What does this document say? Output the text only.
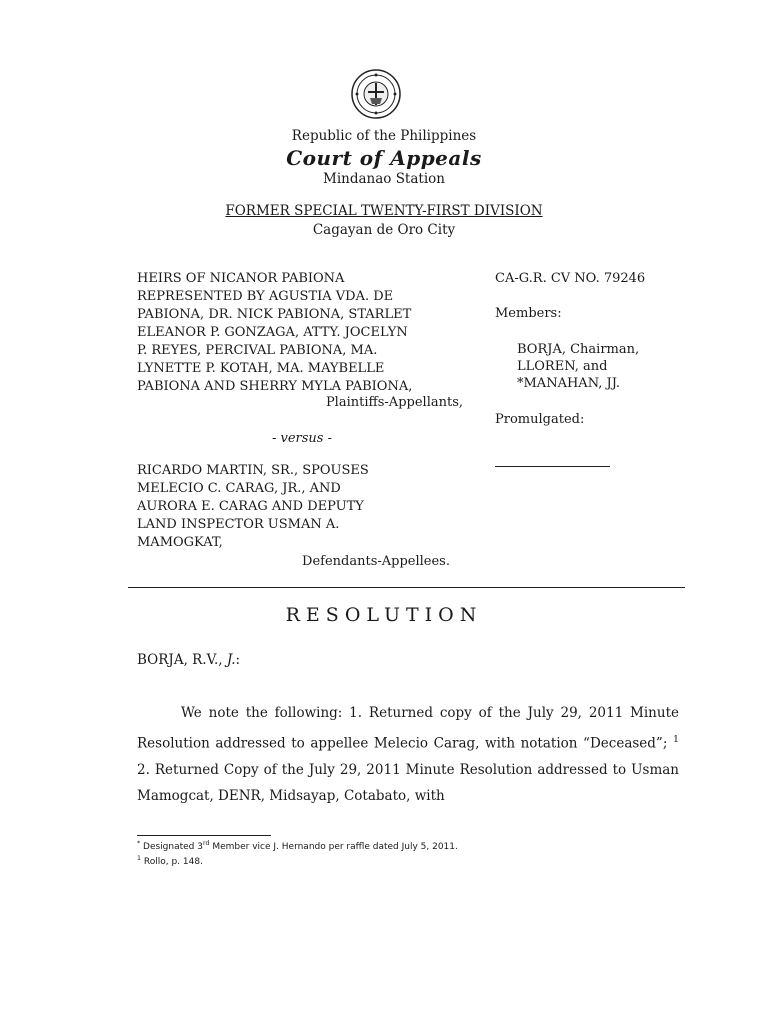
Republic of the Philippines
Court of Appeals
Mindanao Station
FORMER SPECIAL TWENTY-FIRST DIVISION
Cagayan de Oro City
HEIRS OF NICANOR PABIONA
REPRESENTED BY AGUSTIA VDA. DE
PABIONA, DR. NICK PABIONA, STARLET
ELEANOR P. GONZAGA, ATTY. JOCELYN
P. REYES, PERCIVAL PABIONA, MA.
LYNETTE P. KOTAH, MA. MAYBELLE
PABIONA AND SHERRY MYLA PABIONA,
Plaintiffs-Appellants,
- versus -
RICARDO MARTIN, SR., SPOUSES
MELECIO C. CARAG, JR., AND
AURORA E. CARAG AND DEPUTY
LAND INSPECTOR USMAN A.
MAMOGKAT,
Defendants-Appellees.
CA-G.R. CV NO. 79246
Members:
BORJA, Chairman,
LLOREN, and
*MANAHAN, JJ.
Promulgated:
RESOLUTION
BORJA, R.V., J.:
We note the following: 1. Returned copy of the July 29, 2011 Minute Resolution addressed to appellee Melecio Carag, with notation “Deceased”; $^1$ 2. Returned Copy of the July 29, 2011 Minute Resolution addressed to Usman Mamogcat, DENR, Midsayap, Cotabato, with
* Designated 3rd Member vice J. Hernando per raffle dated July 5, 2011.
$^1$ Rollo, p. 148.
